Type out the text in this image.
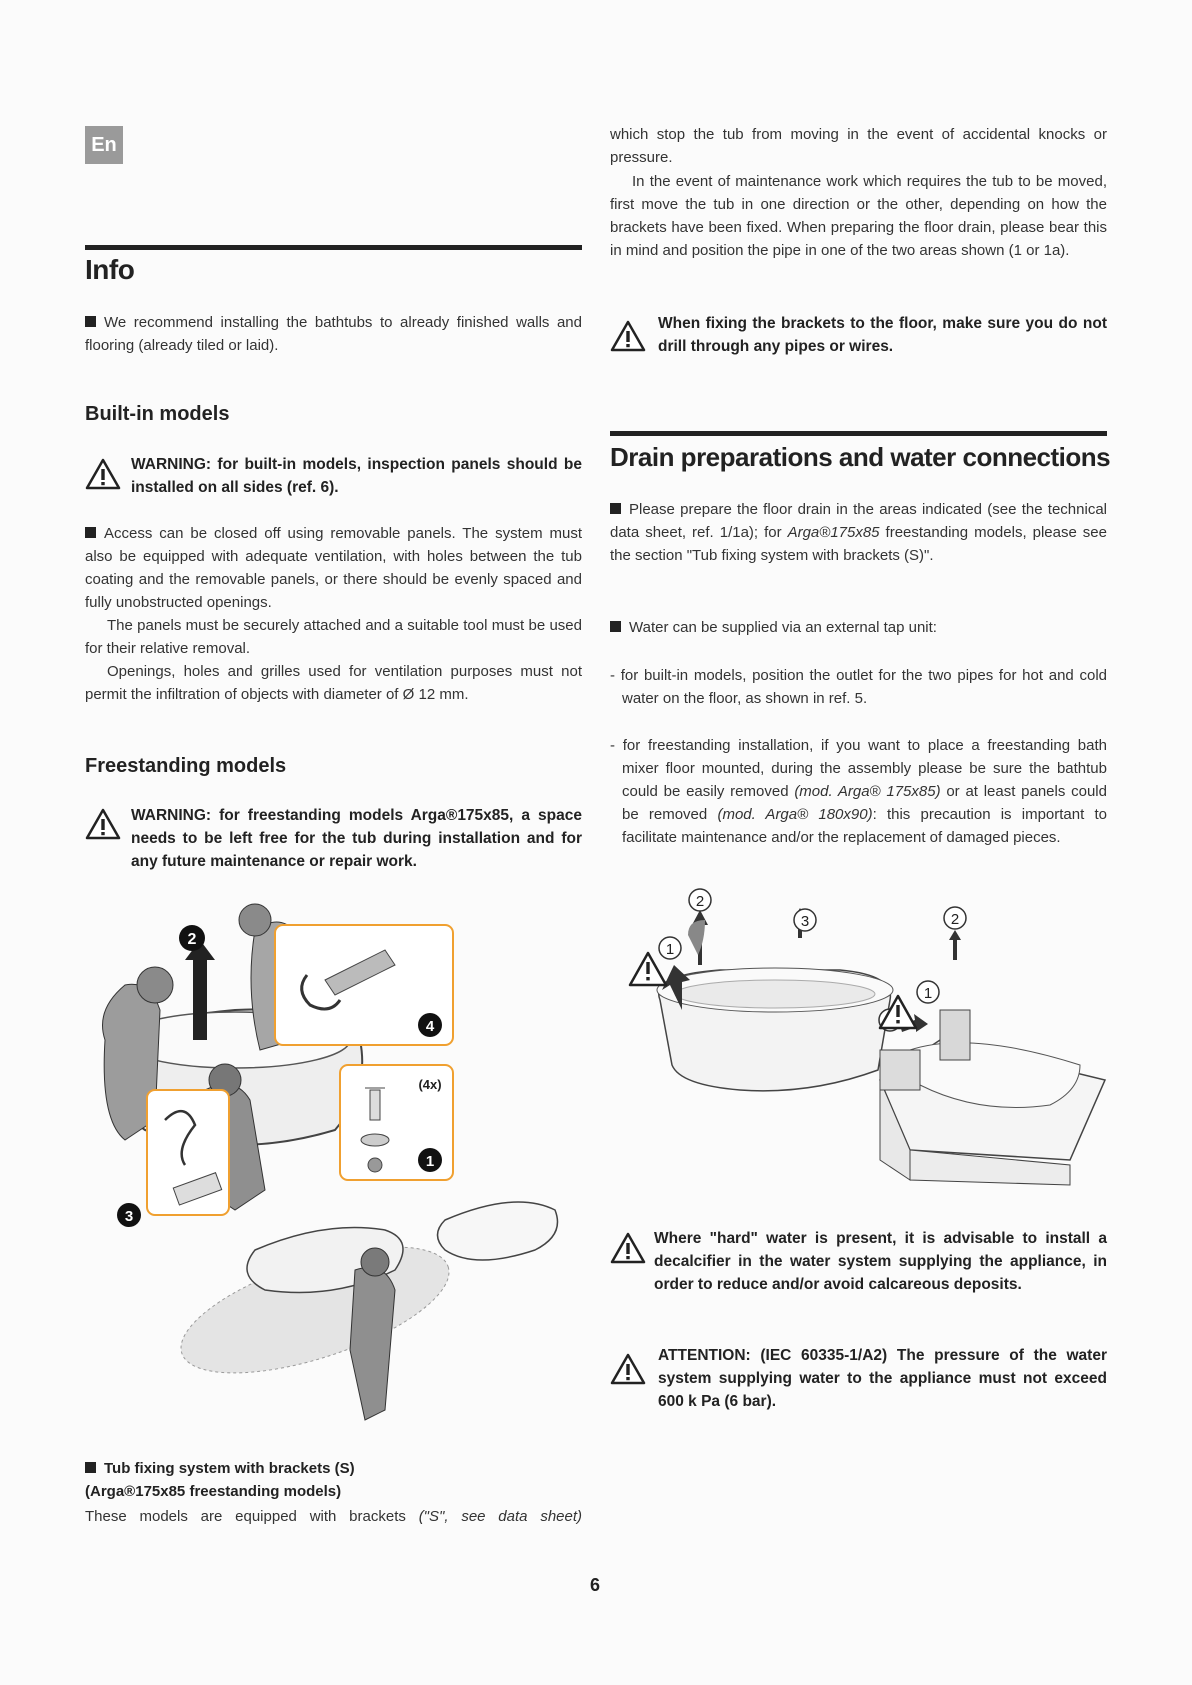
En
Info
We recommend installing the bathtubs to already finished walls and flooring (already tiled or laid).
Built-in models
WARNING: for built-in models, inspection panels should be installed on all sides (ref. 6).
Access can be closed off using removable panels. The system must also be equipped with adequate ventilation, with holes between the tub coating and the removable panels, or there should be evenly spaced and fully unobstructed openings.
The panels must be securely attached and a suitable tool must be used for their relative removal.
Openings, holes and grilles used for ventilation purposes must not permit the infiltration of objects with diameter of Ø 12 mm.
Freestanding models
WARNING: for freestanding models Arga®175x85, a space needs to be left free for the tub during installation and for any future maintenance or repair work.
2
4
(4x)
1
3
Tub fixing system with brackets (S)
(Arga®175x85 freestanding models)
These models are equipped with brackets ("S", see data sheet)
which stop the tub from moving in the event of accidental knocks or pressure.
In the event of maintenance work which requires the tub to be moved, first move the tub in one direction or the other, depending on how the brackets have been fixed. When preparing the floor drain, please bear this in mind and position the pipe in one of the two areas shown (1 or 1a).
When fixing the brackets to the floor, make sure you do not drill through any pipes or wires.
Drain preparations and water connections
Please prepare the floor drain in the areas indicated (see the technical data sheet, ref. 1/1a); for Arga®175x85 freestanding models, please see the section "Tub fixing system with brackets (S)".
Water can be supplied via an external tap unit:
- for built-in models, position the outlet for the two pipes for hot and cold water on the floor, as shown in ref. 5.
- for freestanding installation, if you want to place a freestanding bath mixer floor mounted, during the assembly please be sure the bathtub could be easily removed (mod. Arga® 175x85) or at least panels could be removed (mod. Arga® 180x90): this precaution is important to facilitate maintenance and/or the replacement of damaged pieces.
2
1
3	2
1
Where "hard" water is present, it is advisable to install a decalcifier in the water system supplying the appliance, in order to reduce and/or avoid calcareous deposits.
ATTENTION: (IEC 60335-1/A2) The pressure of the water system supplying water to the appliance must not exceed 600 k Pa (6 bar).
6
